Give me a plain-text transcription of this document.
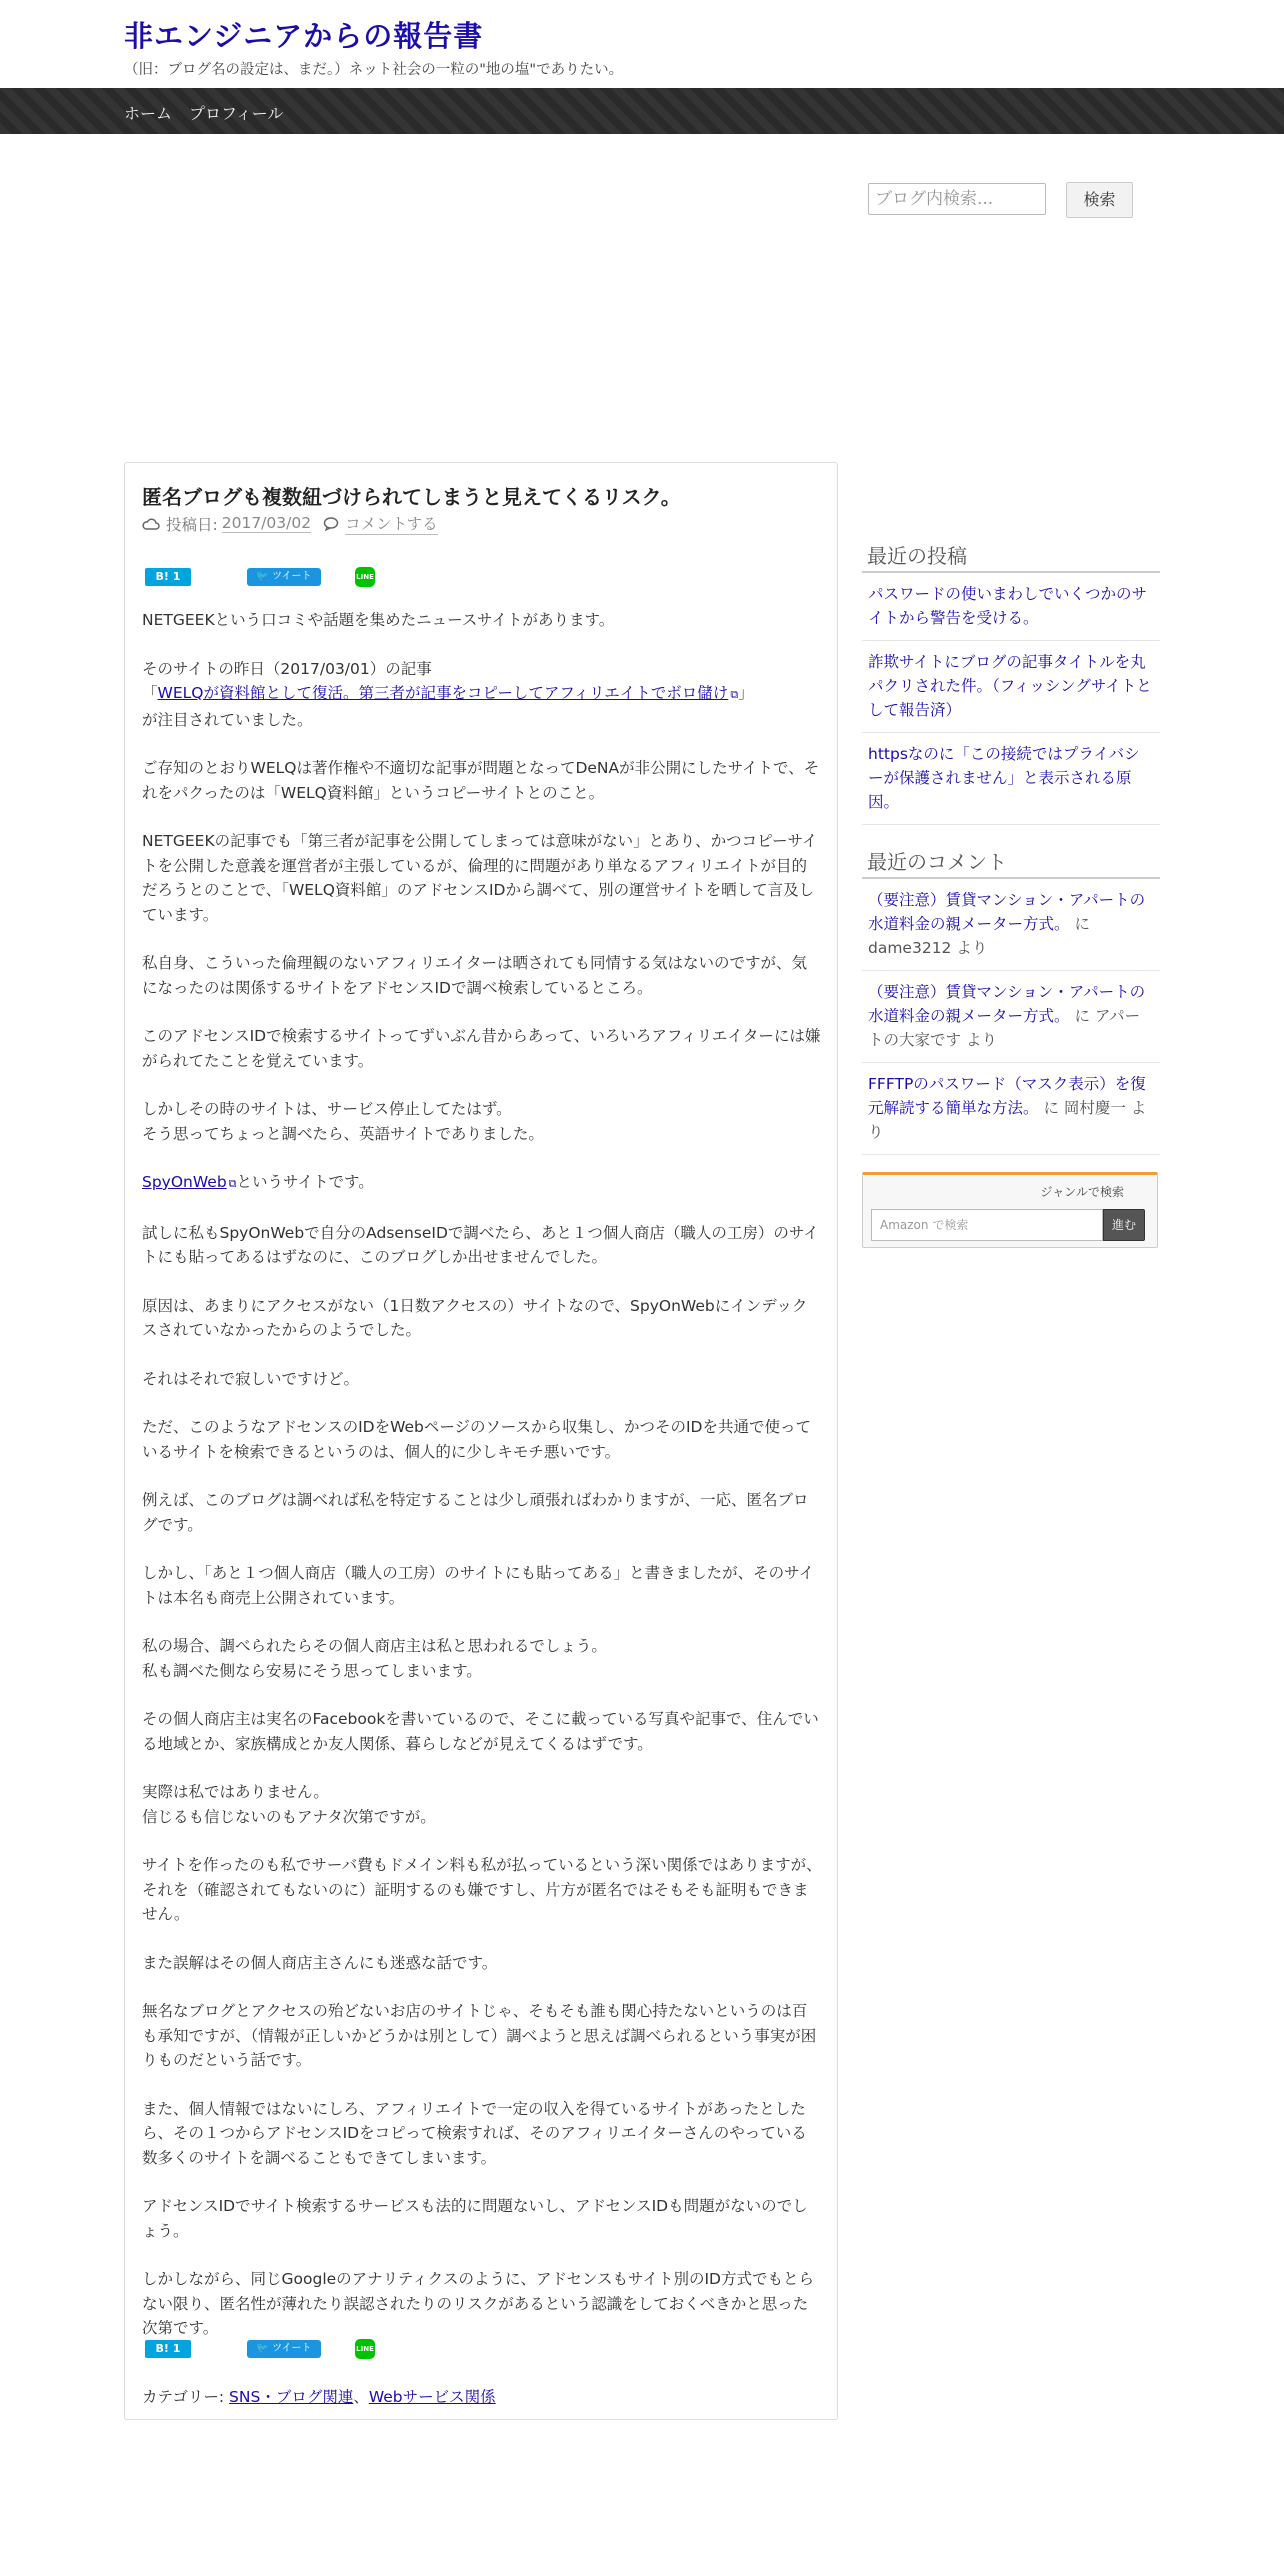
非エンジニアからの報告書
（旧：ブログ名の設定は、まだ。）ネット社会の一粒の"地の塩"でありたい。
ホーム プロフィール
ブログ内検索...
検索
匿名ブログも複数紐づけられてしまうと見えてくるリスク。
投稿日: 2017/03/02 コメントする
B! 1	🐦 ツイート	LINE

NETGEEKという口コミや話題を集めたニュースサイトがあります。

そのサイトの昨日（2017/03/01）の記事
「WELQが資料館として復活。第三者が記事をコピーしてアフィリエイトでボロ儲け ⧉」
が注目されていました。

ご存知のとおりWELQは著作権や不適切な記事が問題となってDeNAが非公開にしたサイトで、それをパクったのは「WELQ資料館」というコピーサイトとのこと。

NETGEEKの記事でも「第三者が記事を公開してしまっては意味がない」とあり、かつコピーサイトを公開した意義を運営者が主張しているが、倫理的に問題があり単なるアフィリエイトが目的だろうとのことで、「WELQ資料館」のアドセンスIDから調べて、別の運営サイトを晒して言及しています。

私自身、こういった倫理観のないアフィリエイターは晒されても同情する気はないのですが、気になったのは関係するサイトをアドセンスIDで調べ検索しているところ。

このアドセンスIDで検索するサイトってずいぶん昔からあって、いろいろアフィリエイターには嫌がられてたことを覚えています。

しかしその時のサイトは、サービス停止してたはず。
そう思ってちょっと調べたら、英語サイトでありました。

SpyOnWeb ⧉というサイトです。

試しに私もSpyOnWebで自分のAdsenseIDで調べたら、あと１つ個人商店（職人の工房）のサイトにも貼ってあるはずなのに、このブログしか出せませんでした。

原因は、あまりにアクセスがない（1日数アクセスの）サイトなので、SpyOnWebにインデックスされていなかったからのようでした。

それはそれで寂しいですけど。

ただ、このようなアドセンスのIDをWebページのソースから収集し、かつそのIDを共通で使っているサイトを検索できるというのは、個人的に少しキモチ悪いです。

例えば、このブログは調べれば私を特定することは少し頑張ればわかりますが、一応、匿名ブログです。

しかし、「あと１つ個人商店（職人の工房）のサイトにも貼ってある」と書きましたが、そのサイトは本名も商売上公開されています。

私の場合、調べられたらその個人商店主は私と思われるでしょう。
私も調べた側なら安易にそう思ってしまいます。

その個人商店主は実名のFacebookを書いているので、そこに載っている写真や記事で、住んでいる地域とか、家族構成とか友人関係、暮らしなどが見えてくるはずです。

実際は私ではありません。
信じるも信じないのもアナタ次第ですが。

サイトを作ったのも私でサーバ費もドメイン料も私が払っているという深い関係ではありますが、それを（確認されてもないのに）証明するのも嫌ですし、片方が匿名ではそもそも証明もできません。

また誤解はその個人商店主さんにも迷惑な話です。

無名なブログとアクセスの殆どないお店のサイトじゃ、そもそも誰も関心持たないというのは百も承知ですが、（情報が正しいかどうかは別として）調べようと思えば調べられるという事実が困りものだという話です。

また、個人情報ではないにしろ、アフィリエイトで一定の収入を得ているサイトがあったとしたら、その１つからアドセンスIDをコピって検索すれば、そのアフィリエイターさんのやっている数多くのサイトを調べることもできてしまいます。

アドセンスIDでサイト検索するサービスも法的に問題ないし、アドセンスIDも問題がないのでしょう。

しかしながら、同じGoogleのアナリティクスのように、アドセンスもサイト別のID方式でもとらない限り、匿名性が薄れたり誤認されたりのリスクがあるという認識をしておくべきかと思った次第です。

B! 1	🐦 ツイート	LINE
カテゴリー: SNS・ブログ関連、Webサービス関係
最近の投稿
パスワードの使いまわしでいくつかのサイトから警告を受ける。
詐欺サイトにブログの記事タイトルを丸パクリされた件。（フィッシングサイトとして報告済）
httpsなのに「この接続ではプライバシーが保護されません」と表示される原因。
最近のコメント
（要注意）賃貸マンション・アパートの水道料金の親メーター方式。 に dame3212 より
（要注意）賃貸マンション・アパートの水道料金の親メーター方式。 に アパートの大家です より
FFFTPのパスワード（マスク表示）を復元解読する簡単な方法。 に 岡村慶一 より
ジャンルで検索
Amazon で検索	進む
